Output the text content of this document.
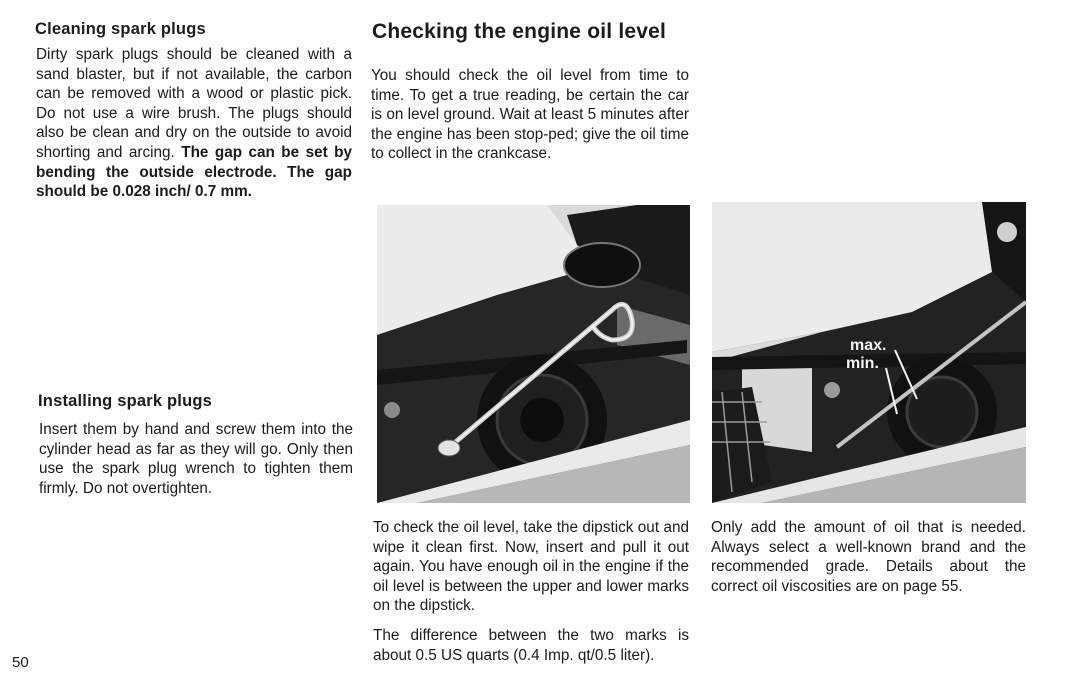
Cleaning spark plugs
Dirty spark plugs should be cleaned with a sand blaster, but if not available, the carbon can be removed with a wood or plastic pick. Do not use a wire brush. The plugs should also be clean and dry on the outside to avoid shorting and arcing. The gap can be set by bending the outside electrode. The gap should be 0.028 inch/ 0.7 mm.
Installing spark plugs
Insert them by hand and screw them into the cylinder head as far as they will go. Only then use the spark plug wrench to tighten them firmly. Do not overtighten.
50
Checking the engine oil level
You should check the oil level from time to time. To get a true reading, be certain the car is on level ground. Wait at least 5 minutes after the engine has been stop-ped; give the oil time to collect in the crankcase.
max.
min.
To check the oil level, take the dipstick out and wipe it clean first. Now, insert and pull it out again. You have enough oil in the engine if the oil level is between the upper and lower marks on the dipstick.
The difference between the two marks is about 0.5 US quarts (0.4 Imp. qt/0.5 liter).
Only add the amount of oil that is needed. Always select a well-known brand and the recommended grade. Details about the correct oil viscosities are on page 55.
